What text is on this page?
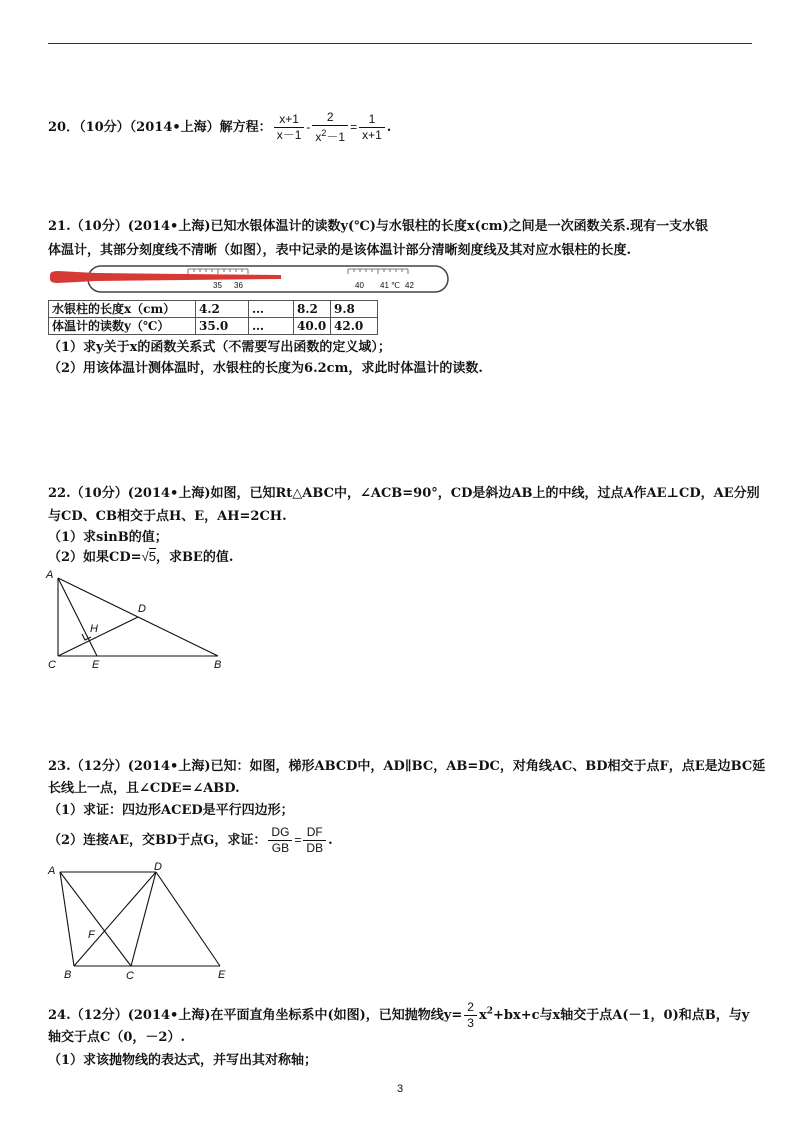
20．（10分）（2014•上海）解方程： $\frac{x+1}{x-1} - \frac{2}{x^2-1} = \frac{1}{x+1}$ .
21.（10分）(2014•上海)已知水银体温计的读数y(℃)与水银柱的长度x(cm)之间是一次函数关系.现有一支水银
体温计，其部分刻度线不清晰（如图），表中记录的是该体温计部分清晰刻度线及其对应水银柱的长度.
35 36	40 41 ℃ 42
水银柱的长度x（cm）	4.2	…	8.2	9.8
体温计的读数y（℃）	35.0	…	40.0	42.0
（1）求y关于x的函数关系式（不需要写出函数的定义域）；
（2）用该体温计测体温时，水银柱的长度为6.2cm，求此时体温计的读数.
22.（10分）(2014•上海)如图，已知Rt△ABC中，∠ACB=90°，CD是斜边AB上的中线，过点A作AE⊥CD，AE分别
与CD、CB相交于点H、E，AH=2CH.
（1）求sinB的值；
（2）如果CD=√5，求BE的值.
A
D
H
C	E	B
23.（12分）(2014•上海)已知：如图，梯形ABCD中，AD∥BC，AB=DC，对角线AC、BD相交于点F，点E是边BC延
长线上一点，且∠CDE=∠ABD.
（1）求证：四边形ACED是平行四边形；
（2）连接AE，交BD于点G，求证： $\frac{DG}{GB} = \frac{DF}{DB}$ .
A	D
F
B	C	E
24.（12分）(2014•上海)在平面直角坐标系中(如图)，已知抛物线$y= \frac{2}{3} x^2+bx+c$与x轴交于点A(－1，0)和点B，与y
轴交于点C（0，－2）.
（1）求该抛物线的表达式，并写出其对称轴；
3
